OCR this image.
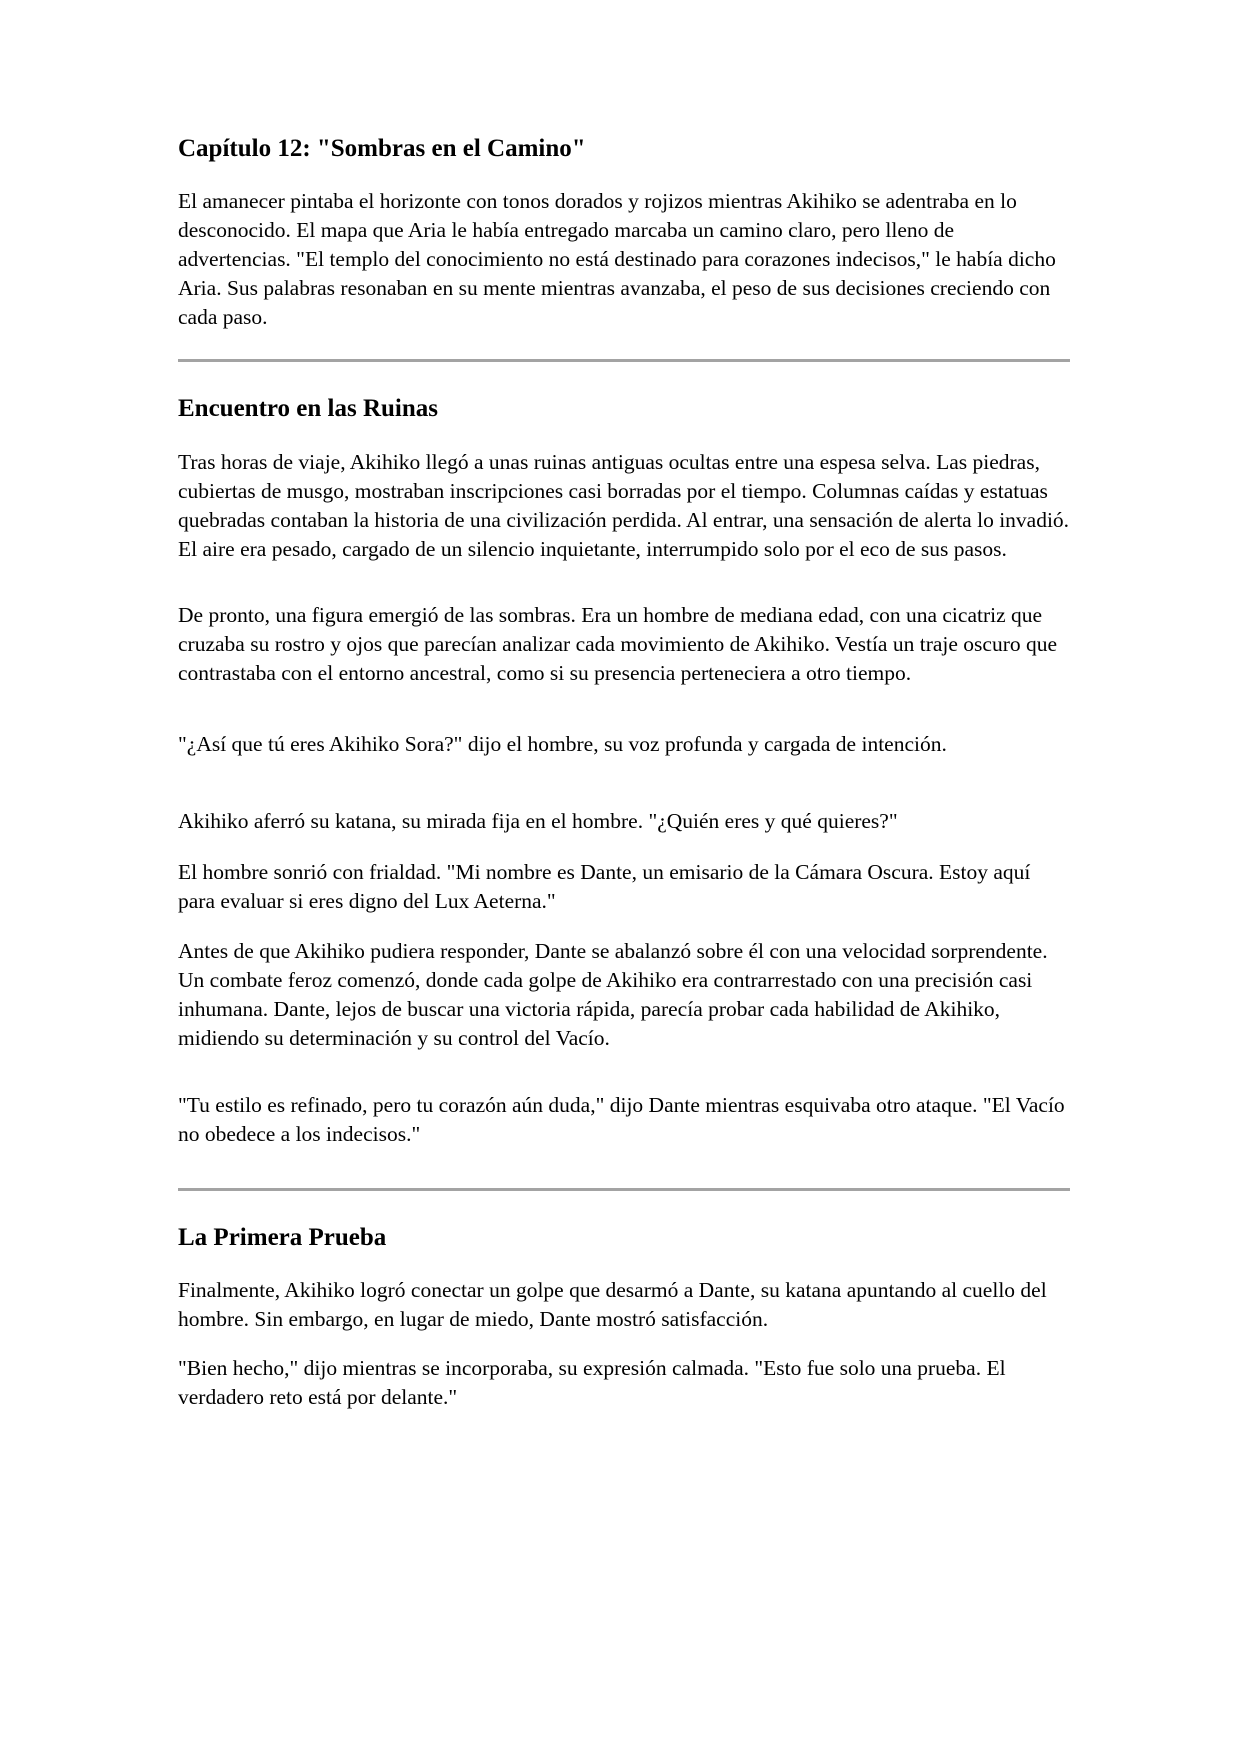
Capítulo 12: "Sombras en el Camino"

El amanecer pintaba el horizonte con tonos dorados y rojizos mientras Akihiko se adentraba en lo desconocido. El mapa que Aria le había entregado marcaba un camino claro, pero lleno de advertencias. "El templo del conocimiento no está destinado para corazones indecisos," le había dicho Aria. Sus palabras resonaban en su mente mientras avanzaba, el peso de sus decisiones creciendo con cada paso.

Encuentro en las Ruinas

Tras horas de viaje, Akihiko llegó a unas ruinas antiguas ocultas entre una espesa selva. Las piedras, cubiertas de musgo, mostraban inscripciones casi borradas por el tiempo. Columnas caídas y estatuas quebradas contaban la historia de una civilización perdida. Al entrar, una sensación de alerta lo invadió. El aire era pesado, cargado de un silencio inquietante, interrumpido solo por el eco de sus pasos.

De pronto, una figura emergió de las sombras. Era un hombre de mediana edad, con una cicatriz que cruzaba su rostro y ojos que parecían analizar cada movimiento de Akihiko. Vestía un traje oscuro que contrastaba con el entorno ancestral, como si su presencia perteneciera a otro tiempo.

"¿Así que tú eres Akihiko Sora?" dijo el hombre, su voz profunda y cargada de intención.

Akihiko aferró su katana, su mirada fija en el hombre. "¿Quién eres y qué quieres?"

El hombre sonrió con frialdad. "Mi nombre es Dante, un emisario de la Cámara Oscura. Estoy aquí para evaluar si eres digno del Lux Aeterna."

Antes de que Akihiko pudiera responder, Dante se abalanzó sobre él con una velocidad sorprendente. Un combate feroz comenzó, donde cada golpe de Akihiko era contrarrestado con una precisión casi inhumana. Dante, lejos de buscar una victoria rápida, parecía probar cada habilidad de Akihiko, midiendo su determinación y su control del Vacío.

"Tu estilo es refinado, pero tu corazón aún duda," dijo Dante mientras esquivaba otro ataque. "El Vacío no obedece a los indecisos."

La Primera Prueba

Finalmente, Akihiko logró conectar un golpe que desarmó a Dante, su katana apuntando al cuello del hombre. Sin embargo, en lugar de miedo, Dante mostró satisfacción.

"Bien hecho," dijo mientras se incorporaba, su expresión calmada. "Esto fue solo una prueba. El verdadero reto está por delante."
